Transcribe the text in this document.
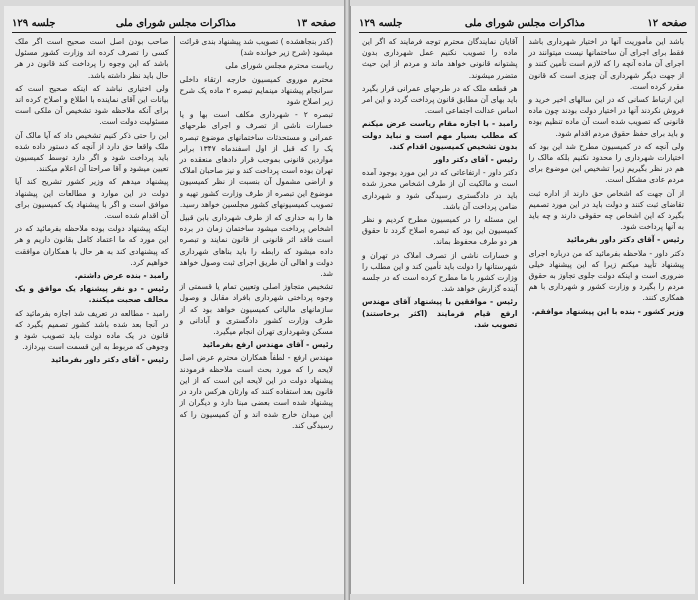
صفحه ۱۳
مذاکرات مجلس شورای ملی
جلسه ۱۲۹

(کدر بنجاهشده ) تصویب شد پیشنهاد بندی قرائت میشود (شرح زیر خوانده شد)

ریاست محترم مجلس شورای ملی

محترم موروی کمیسیون خارجه ارتقاء داخلی سرانجام پیشنهاد مینمایم تبصره ۲ ماده یک شرح زیر اصلاح شود

تبصره ۲ - شهرداری مکلف است بها و یا خسارات ناشی از تصرف و اجرای طرحهای عمرانی و مستحدثات ساختمانهای موضوع تبصره یک را که قبل از اول اسفندماه ۱۳۴۷ برابر مواردین قانونی بموجب قرار دادهای منعقده در تهران بوده است پرداخت کند و نیز صاحبان املاک و اراضی مشمول آن بنسبت از نظر کمیسیون موضوع این تبصره از طرف وزارت کشور تهیه و تصویب کمیسیونهای کشور مجلسین خواهد رسید.

ها را به حداری که از طرف شهرداری بابن قبیل اشخاص پرداخت میشود ساختمان زمان در برده است فاقد اثر قانونی از قانون نمایند و تبصره داده میشود که رابطه را باید بناهای شهرداری دولت و اهالی آن طریق اجرای ثبت وصول خواهد شد.

تشخیص متجاوز اصلی وتعیین تمام یا قسمتی از وجوه پرداختی شهرداری بافراد مقابل و وصول سازمانهای مالیاتی کمیسیون خواهد بود که از طرف وزارت کشور دادگستری و آبادانی و مسکن وشهرداری تهران انجام میگیرد.

رئیس - آقای مهندس ارفع بفرمائید

مهندس ارفع - لطفاً همکاران محترم عرض اصل لایحه را که مورد بحث است ملاحظه فرمودند پیشنهاد دولت در این لایحه این است که از این قانون بعد استفاده کنند که وارثان هرکس دارد در پیشنهاد شده است بعضی مبنا دارد و دیگران از این میدان خارج شده اند و آن کمیسیون را که رسیدگی کند.

صاحب بودن اصل است صحیح است اگر ملک کسی را تصرف کرده اند وزارت کشور مسئول باشد که این وجوه را پرداخت کند قانون در هر حال باید نظر داشته باشد.

ولی اختیاری نباشد که اینکه صحیح است که بیانات این آقای نماینده با اطلاع و اصلاح کرده اند برای آنکه ملاحظه شود تشخیص آن ملکی است مسئولیت دولت است.

این را حتی ذکر کنیم تشخیص داد که آیا مالک آن ملک واقعا حق دارد از آنچه که دستور داده شده باید پرداخت شود و اگر دارد توسط کمیسیون تعیین میشود و آقا صراحتا آن اعلام میکنند.

پیشنهاد میدهم که وزیر کشور تشریح کند آیا دولت در این موارد و مطالعات این پیشنهاد موافق است و اگر با پیشنهاد یک کمیسیون برای آن اقدام شده است.

اینکه پیشنهاد دولت بوده ملاحظه بفرمائید که در این مورد که ما اعتماد کامل بقانون داریم و هر که پیشنهادی کند به هر حال با همکاران موافقت خواهیم کرد.

رامبد - بنده عرض داشتم.

رئیس - دو نفر پیشنهاد یک موافق و یک مخالف صحبت میکنند.

رامبد - مطالعه در تعریف شد اجازه بفرمائید که در آنجا بعد شده باشد کشور تصمیم بگیرد که قانون در یک ماده دولت باید تصویب شود و وجوهی که مربوط به این قسمت است بپردازد.

رئیس - آقای دکتر داور بفرمائید

صفحه ۱۲
مذاکرات مجلس شورای ملی
جلسه ۱۲۹

باشد این مأموریت آنها در اختیار شهرداری باشد فقط برای اجرای آن ساختمانها نیست میتوانند در اجرای آن ماده آنچه را که لازم است تأمین کنند و از جهت دیگر شهرداری آن چیزی است که قانون مقرر کرده است.

این ارتباط کسانی که در این سالهای اخیر خرید و فروش نکردند آنها در اختیار دولت بودند چون ماده قانونی که تصویب شده است آن ماده تنظیم بوده و باید برای حفظ حقوق مردم اقدام شود.

ولی آنچه که در کمیسیون مطرح شد این بود که اختیارات شهرداری را محدود نکنیم بلکه مالک را هم در نظر بگیریم زیرا تشخیص این موضوع برای مردم عادی مشکل است.

از آن جهت که اشخاص حق دارند از اداره ثبت تقاضای ثبت کنند و دولت باید در این مورد تصمیم بگیرد که این اشخاص چه حقوقی دارند و چه باید به آنها پرداخت شود.

رئیس - آقای دکتر داور بفرمائید

دکتر داور - ملاحظه بفرمائید که من درباره اجرای پیشنهاد تأیید میکنم زیرا که این پیشنهاد خیلی ضروری است و اینکه دولت جلوی تجاوز به حقوق مردم را بگیرد و وزارت کشور و شهرداری با هم همکاری کنند.

وزیر کشور - بنده با این پیشنهاد موافقم.

آقایان نمایندگان محترم توجه فرمایند که اگر این ماده را تصویب نکنیم عمل شهرداری بدون پشتوانه قانونی خواهد ماند و مردم از این حیث متضرر میشوند.

هر قطعه ملک که در طرحهای عمرانی قرار بگیرد باید بهای آن مطابق قانون پرداخت گردد و این امر اساس عدالت اجتماعی است.

رامبد - با اجازه مقام ریاست عرض میکنم که مطلب بسیار مهم است و نباید دولت بدون تشخیص کمیسیون اقدام کند.

رئیس - آقای دکتر داور

دکتر داور - ارتفاعاتی که در این مورد بوجود آمده است و مالکیت آن از طرف اشخاص محرز شده باید در دادگستری رسیدگی شود و شهرداری ضامن پرداخت آن باشد.

این مسئله را در کمیسیون مطرح کردیم و نظر کمیسیون این بود که تبصره اصلاح گردد تا حقوق هر دو طرف محفوظ بماند.

و خسارات ناشی از تصرف املاک در تهران و شهرستانها را دولت باید تأمین کند و این مطلب را وزارت کشور با ما مطرح کرده است که در جلسه آینده گزارش خواهد شد.

رئیس - موافقین با پیشنهاد آقای مهندس ارفع قیام فرمایند (اکثر برخاستند) تصویب شد.
